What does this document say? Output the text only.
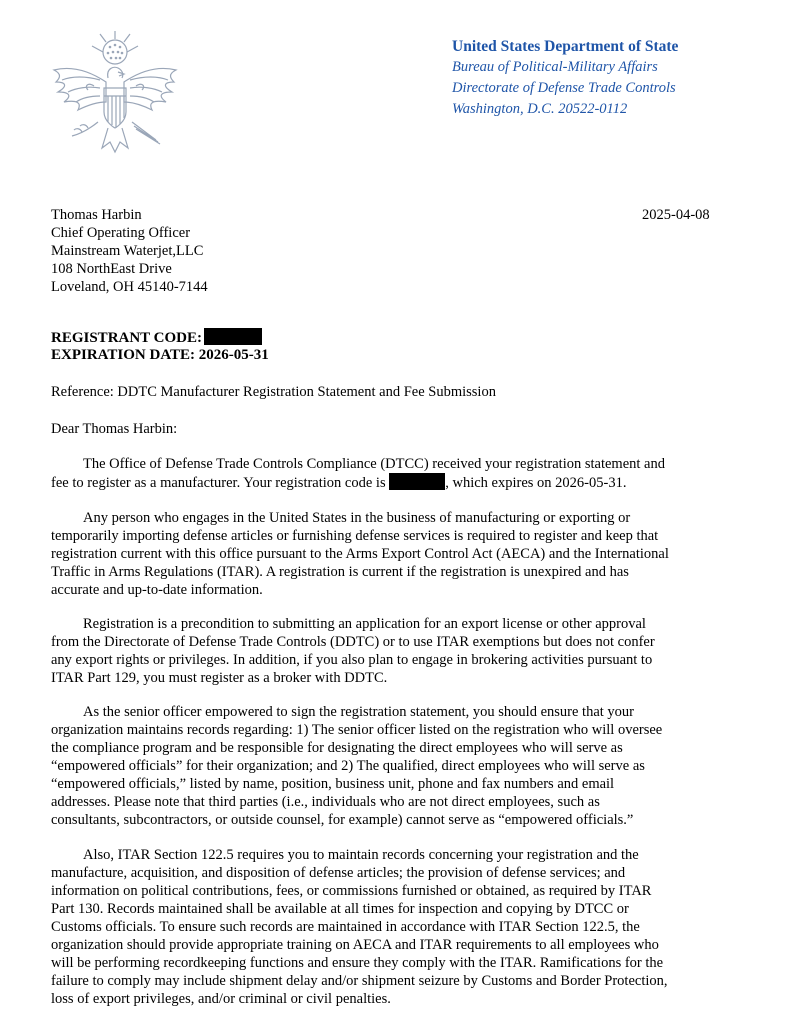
United States Department of State
Bureau of Political-Military Affairs
Directorate of Defense Trade Controls
Washington, D.C. 20522-0112
2025-04-08
Thomas Harbin
Chief Operating Officer
Mainstream Waterjet,LLC
108 NorthEast Drive
Loveland, OH 45140-7144
REGISTRANT CODE:
EXPIRATION DATE: 2026-05-31
Reference: DDTC Manufacturer Registration Statement and Fee Submission
Dear Thomas Harbin:
The Office of Defense Trade Controls Compliance (DTCC) received your registration statement and
fee to register as a manufacturer. Your registration code is	, which expires on 2026-05-31.
Any person who engages in the United States in the business of manufacturing or exporting or
temporarily importing defense articles or furnishing defense services is required to register and keep that
registration current with this office pursuant to the Arms Export Control Act (AECA) and the International
Traffic in Arms Regulations (ITAR). A registration is current if the registration is unexpired and has
accurate and up-to-date information.
Registration is a precondition to submitting an application for an export license or other approval
from the Directorate of Defense Trade Controls (DDTC) or to use ITAR exemptions but does not confer
any export rights or privileges. In addition, if you also plan to engage in brokering activities pursuant to
ITAR Part 129, you must register as a broker with DDTC.
As the senior officer empowered to sign the registration statement, you should ensure that your
organization maintains records regarding: 1) The senior officer listed on the registration who will oversee
the compliance program and be responsible for designating the direct employees who will serve as
“empowered officials” for their organization; and 2) The qualified, direct employees who will serve as
“empowered officials,” listed by name, position, business unit, phone and fax numbers and email
addresses. Please note that third parties (i.e., individuals who are not direct employees, such as
consultants, subcontractors, or outside counsel, for example) cannot serve as “empowered officials.”
Also, ITAR Section 122.5 requires you to maintain records concerning your registration and the
manufacture, acquisition, and disposition of defense articles; the provision of defense services; and
information on political contributions, fees, or commissions furnished or obtained, as required by ITAR
Part 130. Records maintained shall be available at all times for inspection and copying by DTCC or
Customs officials. To ensure such records are maintained in accordance with ITAR Section 122.5, the
organization should provide appropriate training on AECA and ITAR requirements to all employees who
will be performing recordkeeping functions and ensure they comply with the ITAR. Ramifications for the
failure to comply may include shipment delay and/or shipment seizure by Customs and Border Protection,
loss of export privileges, and/or criminal or civil penalties.
